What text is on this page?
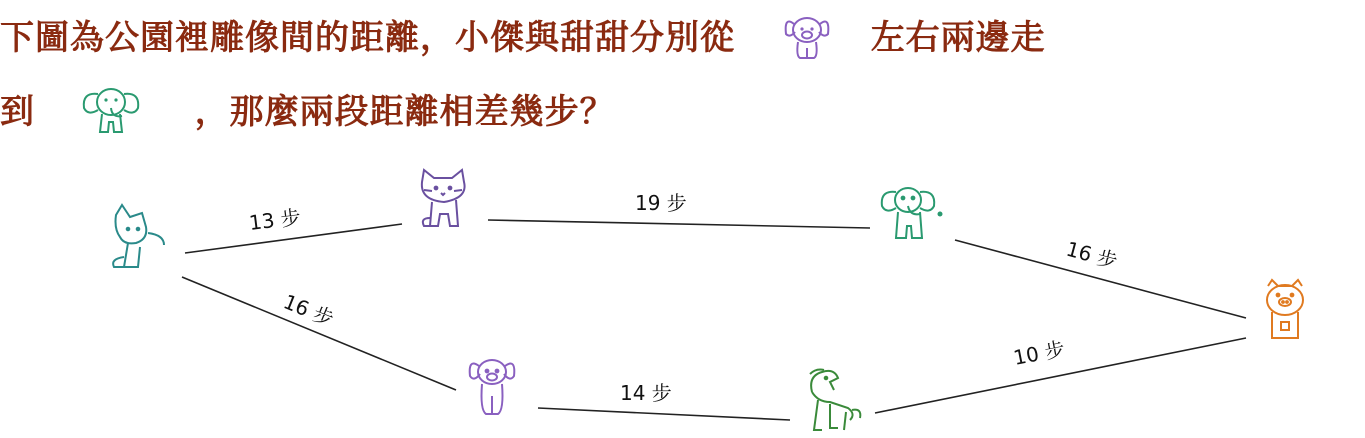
下圖為公園裡雕像間的距離，小傑與甜甜分別從	左右兩邊走
到	，那麼兩段距離相差幾步？
13 步
19 步
16 步
16 步
14 步
10 步
